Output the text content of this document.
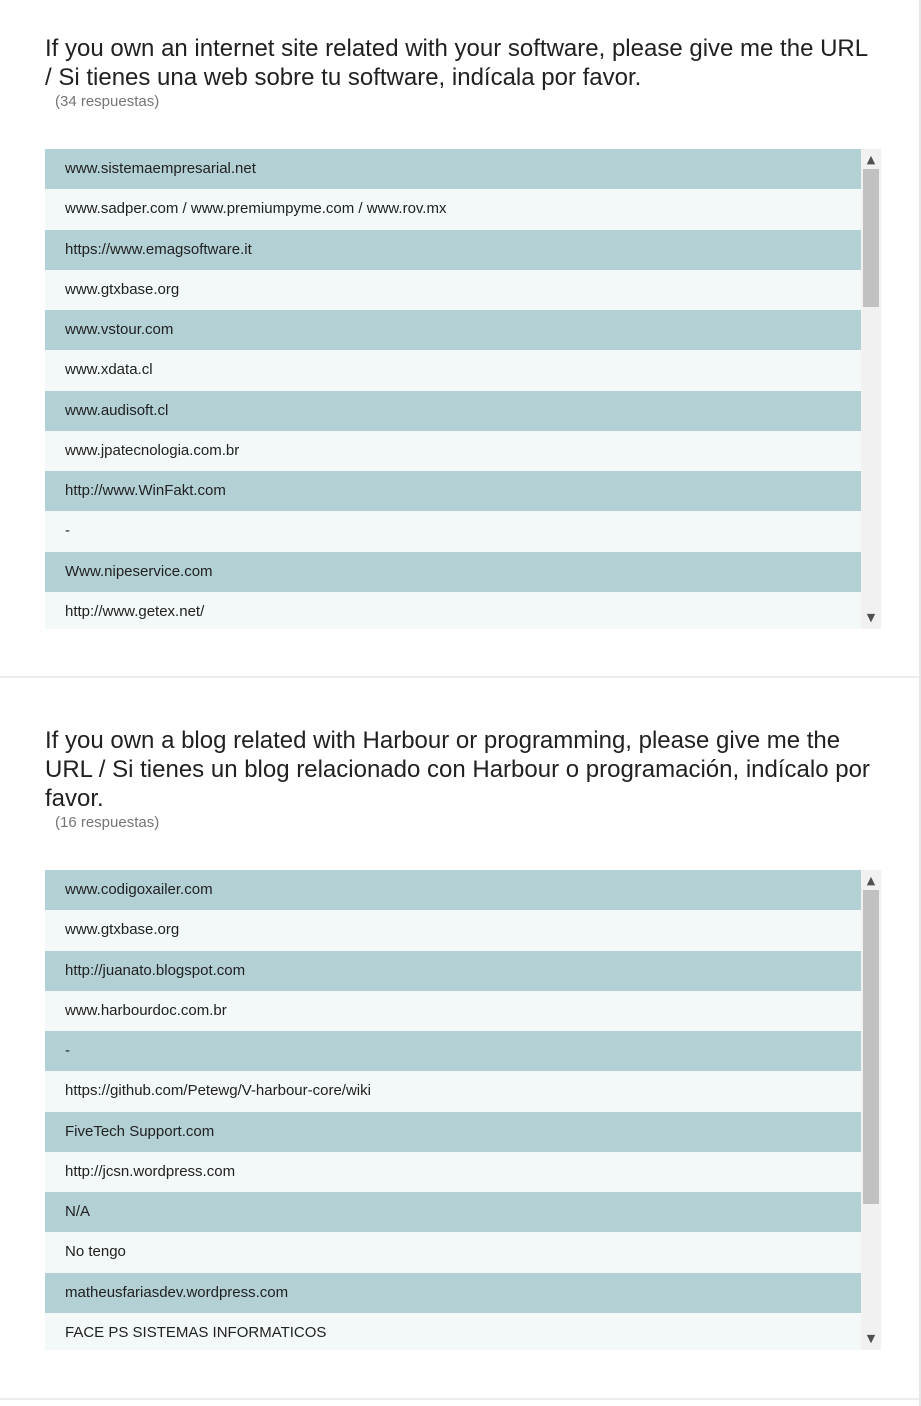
If you own an internet site related with your software, please give me the URL / Si tienes una web sobre tu software, indícala por favor.
(34 respuestas)
www.sistemaempresarial.net
www.sadper.com / www.premiumpyme.com / www.rov.mx
https://www.emagsoftware.it
www.gtxbase.org
www.vstour.com
www.xdata.cl
www.audisoft.cl
www.jpatecnologia.com.br
http://www.WinFakt.com
-
Www.nipeservice.com
http://www.getex.net/
▲
▼
If you own a blog related with Harbour or programming, please give me the URL / Si tienes un blog relacionado con Harbour o programación, indícalo por favor.
(16 respuestas)
www.codigoxailer.com
www.gtxbase.org
http://juanato.blogspot.com
www.harbourdoc.com.br
-
https://github.com/Petewg/V-harbour-core/wiki
FiveTech Support.com
http://jcsn.wordpress.com
N/A
No tengo
matheusfariasdev.wordpress.com
FACE PS SISTEMAS INFORMATICOS
▲
▼
